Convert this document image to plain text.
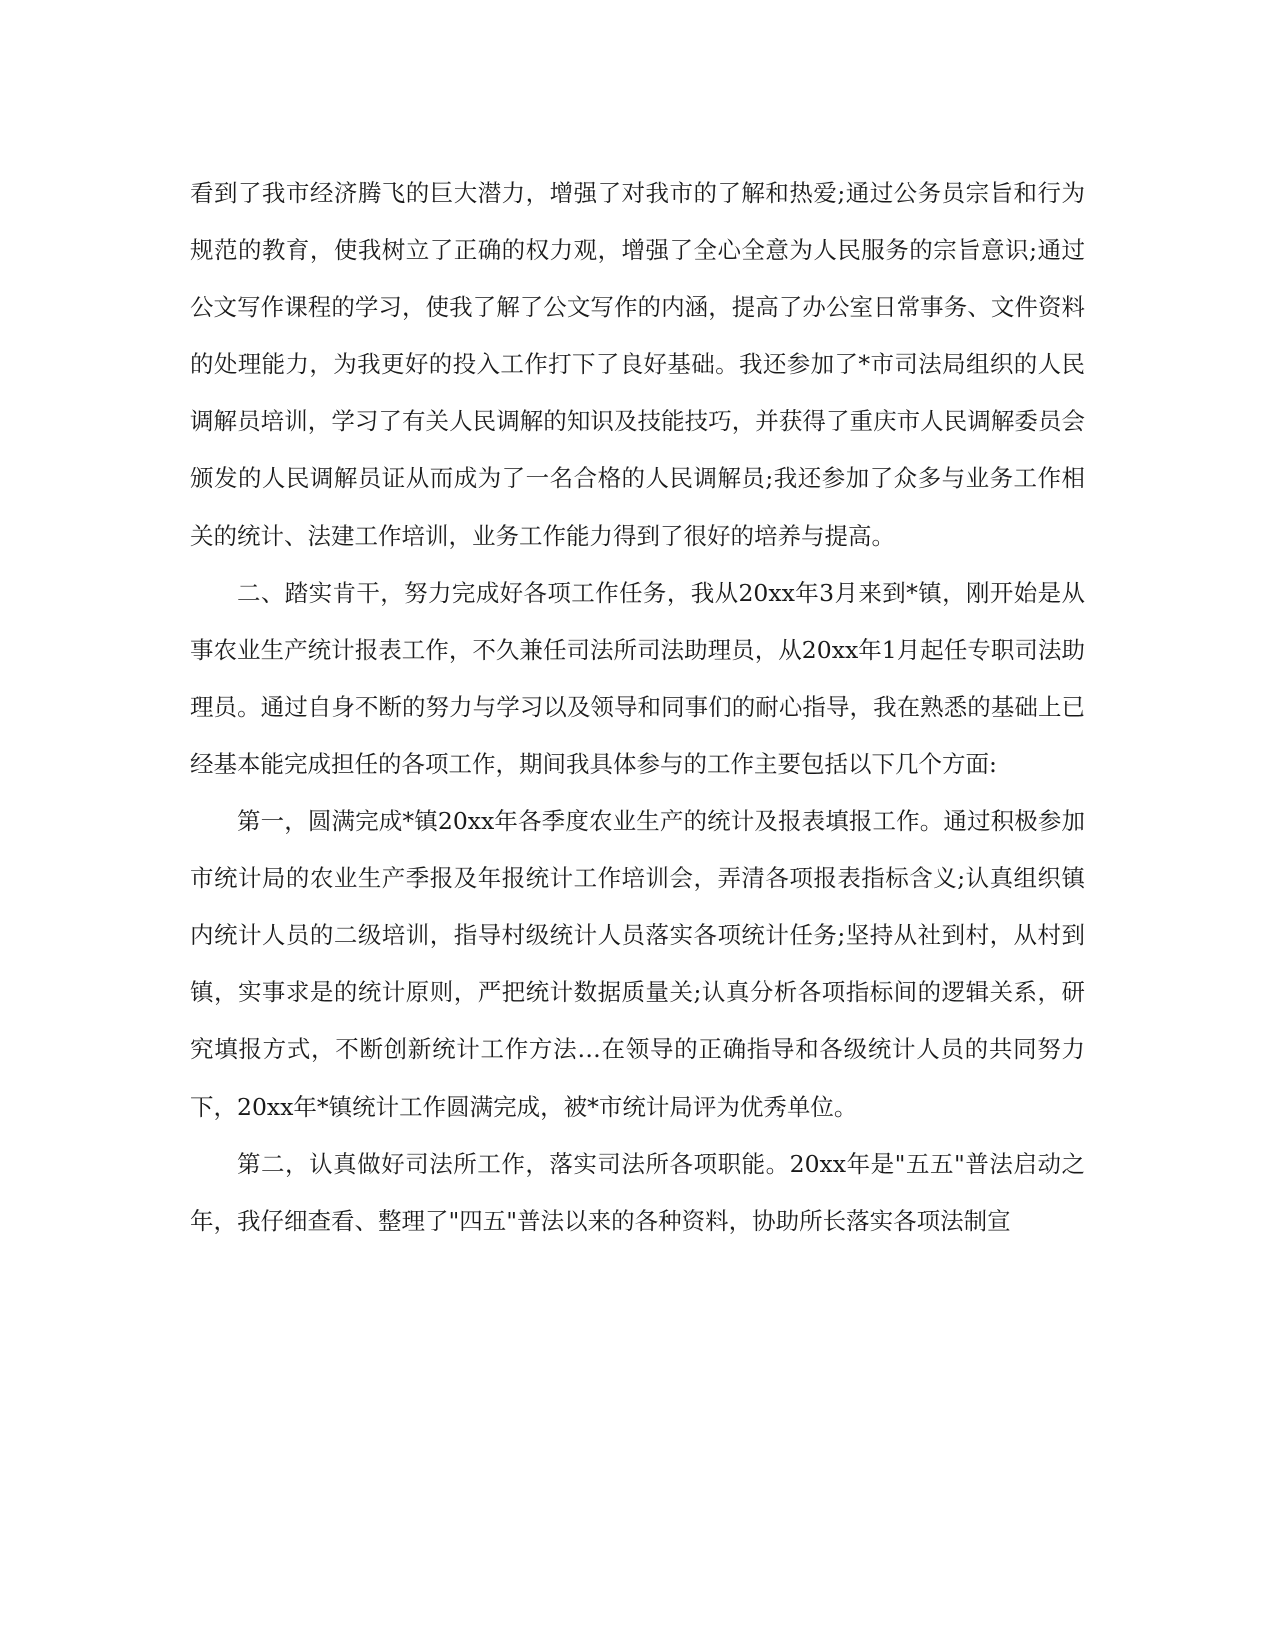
看到了我市经济腾飞的巨大潜力，增强了对我市的了解和热爱;通过公务员宗旨和行为规范的教育，使我树立了正确的权力观，增强了全心全意为人民服务的宗旨意识;通过公文写作课程的学习，使我了解了公文写作的内涵，提高了办公室日常事务、文件资料的处理能力，为我更好的投入工作打下了良好基础。我还参加了*市司法局组织的人民调解员培训，学习了有关人民调解的知识及技能技巧，并获得了重庆市人民调解委员会颁发的人民调解员证从而成为了一名合格的人民调解员;我还参加了众多与业务工作相关的统计、法建工作培训，业务工作能力得到了很好的培养与提高。

二、踏实肯干，努力完成好各项工作任务，我从20xx年3月来到*镇，刚开始是从事农业生产统计报表工作，不久兼任司法所司法助理员，从20xx年1月起任专职司法助理员。通过自身不断的努力与学习以及领导和同事们的耐心指导，我在熟悉的基础上已经基本能完成担任的各项工作，期间我具体参与的工作主要包括以下几个方面:

第一，圆满完成*镇20xx年各季度农业生产的统计及报表填报工作。通过积极参加市统计局的农业生产季报及年报统计工作培训会，弄清各项报表指标含义;认真组织镇内统计人员的二级培训，指导村级统计人员落实各项统计任务;坚持从社到村，从村到镇，实事求是的统计原则，严把统计数据质量关;认真分析各项指标间的逻辑关系，研究填报方式，不断创新统计工作方法…在领导的正确指导和各级统计人员的共同努力下，20xx年*镇统计工作圆满完成，被*市统计局评为优秀单位。

第二，认真做好司法所工作，落实司法所各项职能。20xx年是"五五"普法启动之年，我仔细查看、整理了"四五"普法以来的各种资料，协助所长落实各项法制宣
